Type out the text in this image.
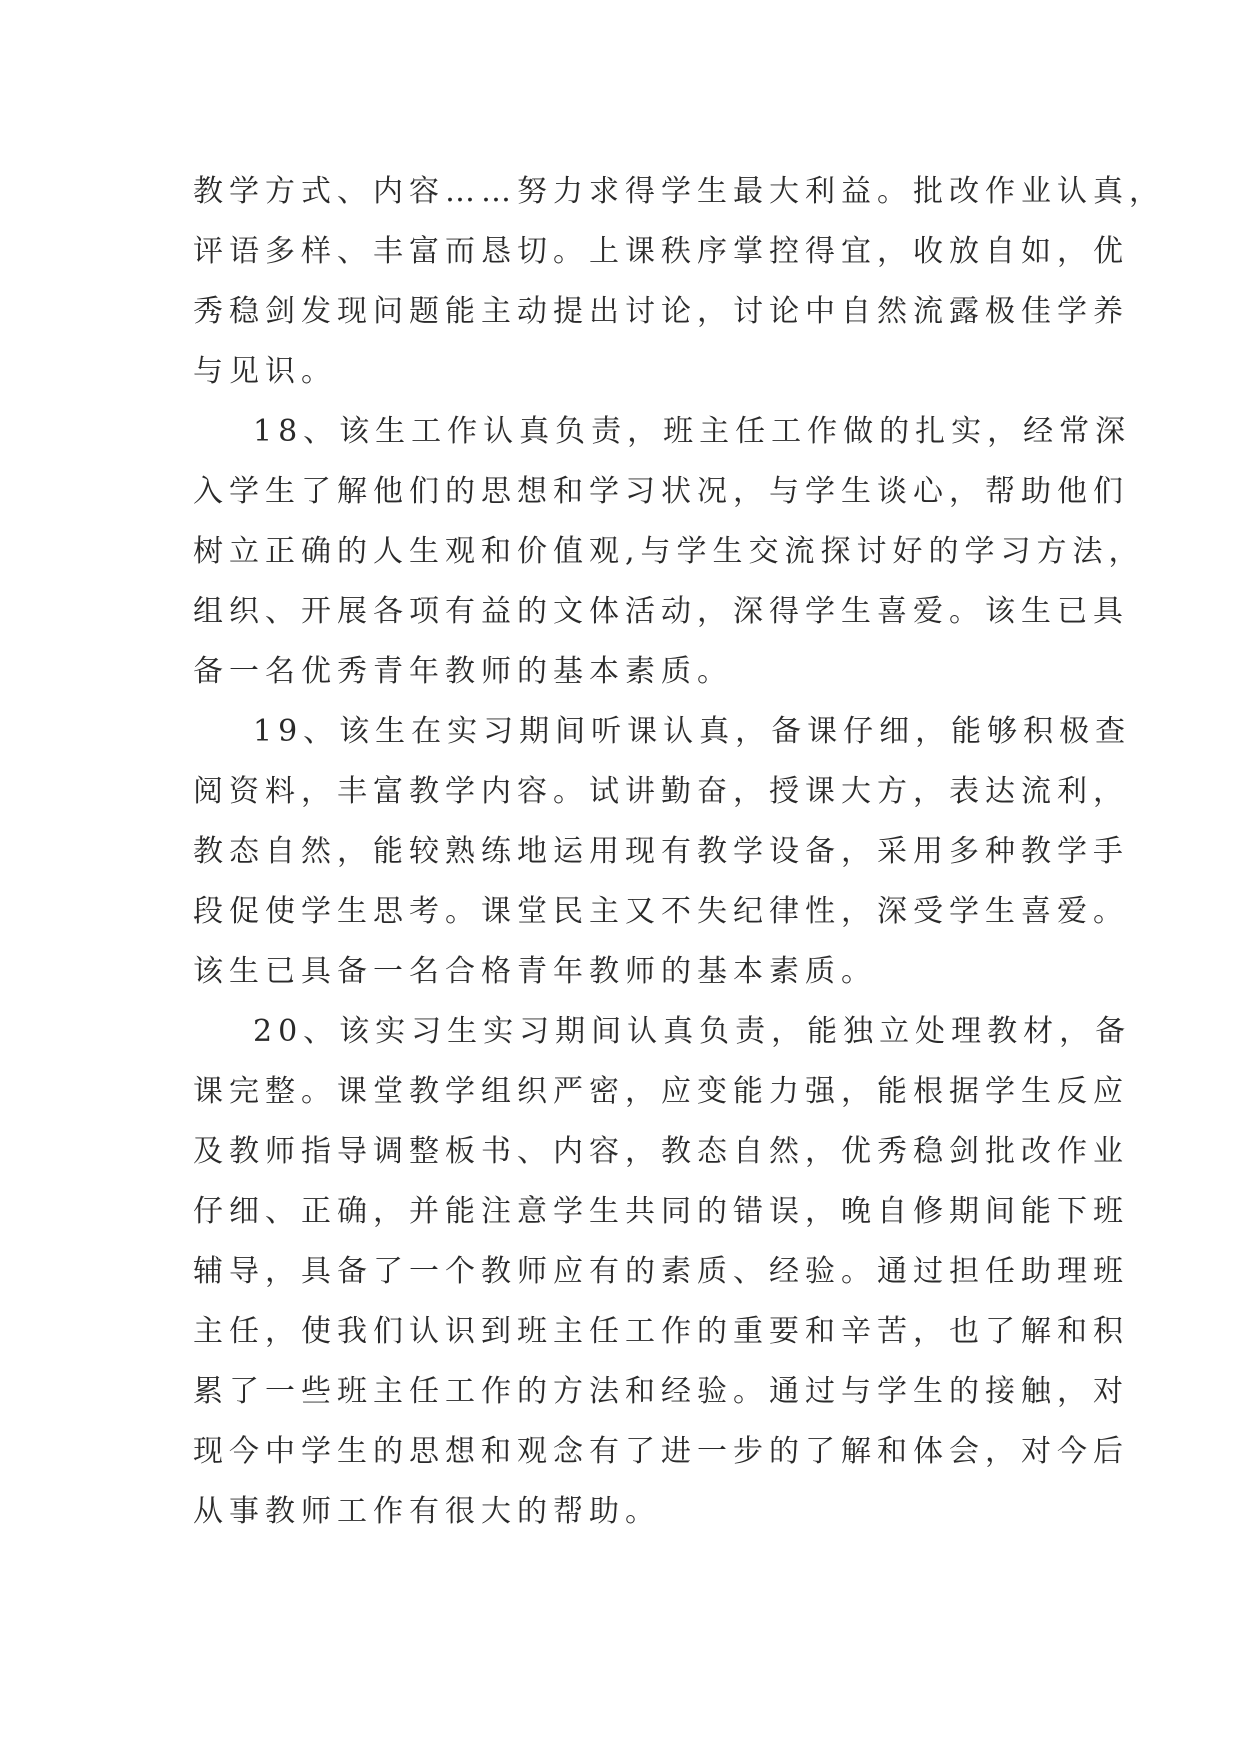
教学方式、内容……努力求得学生最大利益。批改作业认真，

评语多样、丰富而恳切。上课秩序掌控得宜，收放自如，优

秀稳剑发现问题能主动提出讨论，讨论中自然流露极佳学养

与见识。

18、该生工作认真负责，班主任工作做的扎实，经常深

入学生了解他们的思想和学习状况，与学生谈心，帮助他们

树立正确的人生观和价值观,与学生交流探讨好的学习方法，

组织、开展各项有益的文体活动，深得学生喜爱。该生已具

备一名优秀青年教师的基本素质。

19、该生在实习期间听课认真，备课仔细，能够积极查

阅资料，丰富教学内容。试讲勤奋，授课大方，表达流利，

教态自然，能较熟练地运用现有教学设备，采用多种教学手

段促使学生思考。课堂民主又不失纪律性，深受学生喜爱。

该生已具备一名合格青年教师的基本素质。

20、该实习生实习期间认真负责，能独立处理教材，备

课完整。课堂教学组织严密，应变能力强，能根据学生反应

及教师指导调整板书、内容，教态自然，优秀稳剑批改作业

仔细、正确，并能注意学生共同的错误，晚自修期间能下班

辅导，具备了一个教师应有的素质、经验。通过担任助理班

主任，使我们认识到班主任工作的重要和辛苦，也了解和积

累了一些班主任工作的方法和经验。通过与学生的接触，对

现今中学生的思想和观念有了进一步的了解和体会，对今后

从事教师工作有很大的帮助。
